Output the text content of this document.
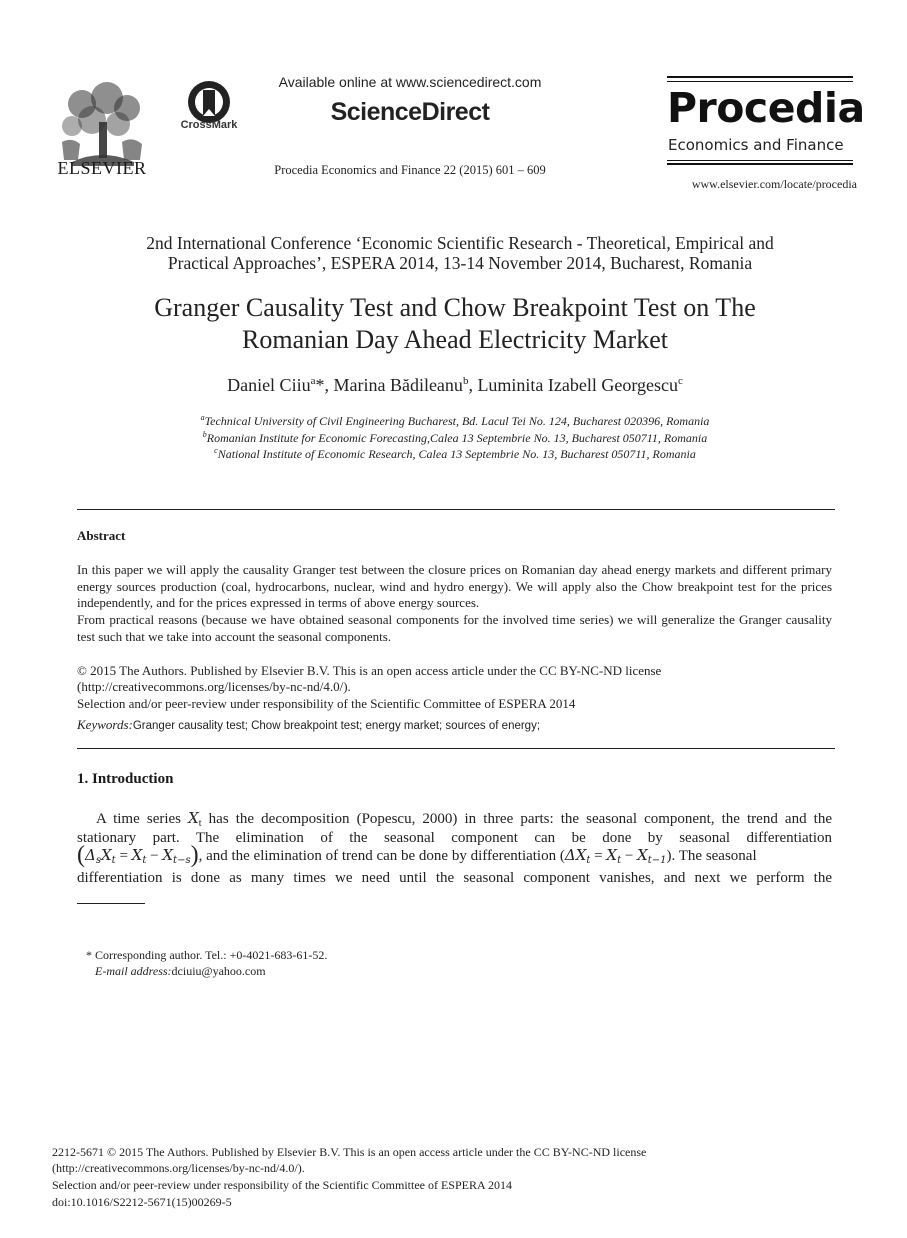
ELSEVIER
CrossMark
Available online at www.sciencedirect.com
ScienceDirect
Procedia Economics and Finance 22 (2015) 601 – 609
Procedia
Economics and Finance
www.elsevier.com/locate/procedia
2nd International Conference ‘Economic Scientific Research - Theoretical, Empirical and
Practical Approaches’, ESPERA 2014, 13-14 November 2014, Bucharest, Romania
Granger Causality Test and Chow Breakpoint Test on The
Romanian Day Ahead Electricity Market
Daniel Ciiu$^a$*, Marina Bădileanu$^b$, Luminita Izabell Georgescu$^c$
$^a$Technical University of Civil Engineering Bucharest, Bd. Lacul Tei No. 124, Bucharest 020396, Romania
$^b$Romanian Institute for Economic Forecasting,Calea 13 Septembrie No. 13, Bucharest 050711, Romania
$^c$National Institute of Economic Research, Calea 13 Septembrie No. 13, Bucharest 050711, Romania
Abstract
In this paper we will apply the causality Granger test between the closure prices on Romanian day ahead energy markets and different primary energy sources production (coal, hydrocarbons, nuclear, wind and hydro energy). We will apply also the Chow breakpoint test for the prices independently, and for the prices expressed in terms of above energy sources.
From practical reasons (because we have obtained seasonal components for the involved time series) we will generalize the Granger causality test such that we take into account the seasonal components.
© 2015 The Authors. Published by Elsevier B.V. This is an open access article under the CC BY-NC-ND license
(http://creativecommons.org/licenses/by-nc-nd/4.0/).
Selection and/or peer-review under responsibility of the Scientific Committee of ESPERA 2014
Keywords:Granger causality test; Chow breakpoint test; energy market; sources of energy;
1. Introduction
A time series $X_t$ has the decomposition (Popescu, 2000) in three parts: the seasonal component, the trend and the
stationary part. The elimination of the seasonal component can be done by seasonal differentiation
$(\Delta_sX_t = X_t - X_{t-s})$, and the elimination of trend can be done by differentiation $(\Delta X_t = X_t - X_{t-1})$. The seasonal
differentiation is done as many times we need until the seasonal component vanishes, and next we perform the
* Corresponding author. Tel.: +0-4021-683-61-52.
E-mail address:dciuiu@yahoo.com
2212-5671 © 2015 The Authors. Published by Elsevier B.V. This is an open access article under the CC BY-NC-ND license
(http://creativecommons.org/licenses/by-nc-nd/4.0/).
Selection and/or peer-review under responsibility of the Scientific Committee of ESPERA 2014
doi:10.1016/S2212-5671(15)00269-5
